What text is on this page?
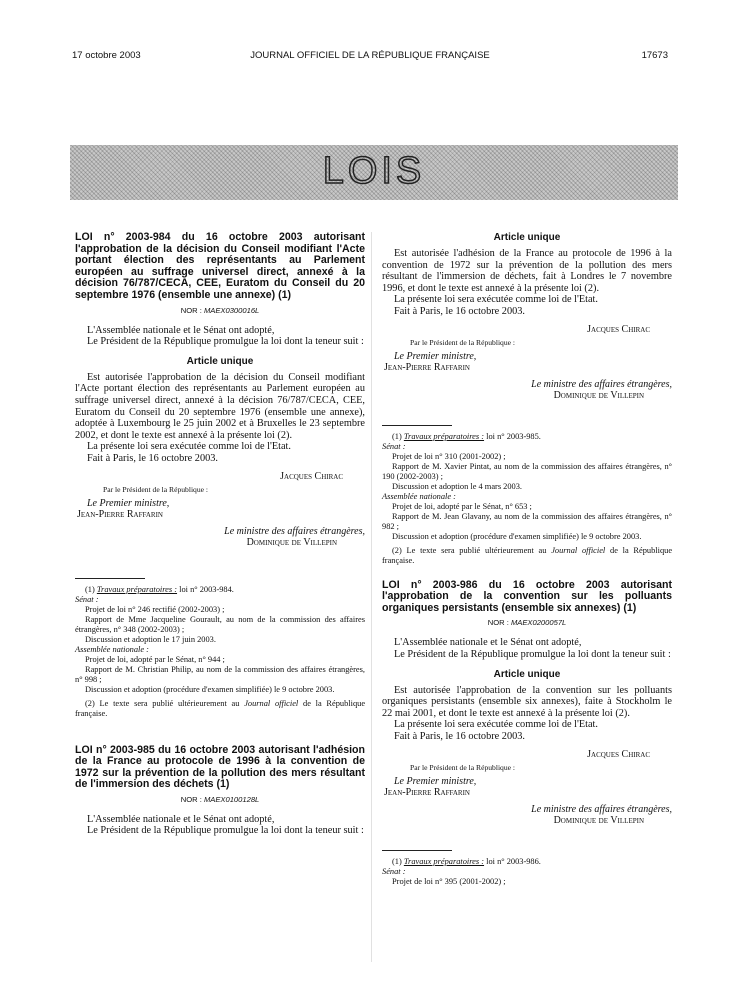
17 octobre 2003	JOURNAL OFFICIEL DE LA RÉPUBLIQUE FRANÇAISE	17673
LOIS

LOI n° 2003-984 du 16 octobre 2003 autorisant l'approbation de la décision du Conseil modifiant l'Acte portant élection des représentants au Parlement européen au suffrage universel direct, annexé à la décision 76/787/CECA, CEE, Euratom du Conseil du 20 septembre 1976 (ensemble une annexe) (1)

NOR : MAEX0300016L

L'Assemblée nationale et le Sénat ont adopté,

Le Président de la République promulgue la loi dont la teneur suit :

Article unique

Est autorisée l'approbation de la décision du Conseil modifiant l'Acte portant élection des représentants au Parlement européen au suffrage universel direct, annexé à la décision 76/787/CECA, CEE, Euratom du Conseil du 20 septembre 1976 (ensemble une annexe), adoptée à Luxembourg le 25 juin 2002 et à Bruxelles le 23 septembre 2002, et dont le texte est annexé à la présente loi (2).

La présente loi sera exécutée comme loi de l'Etat.

Fait à Paris, le 16 octobre 2003.

Jacques Chirac
Par le Président de la République :
Le Premier ministre,
Jean-Pierre Raffarin
Le ministre des affaires étrangères,
Dominique de Villepin

(1) Travaux préparatoires : loi n° 2003-984.

Sénat :

Projet de loi n° 246 rectifié (2002-2003) ;

Rapport de Mme Jacqueline Gourault, au nom de la commission des affaires étrangères, n° 348 (2002-2003) ;

Discussion et adoption le 17 juin 2003.

Assemblée nationale :

Projet de loi, adopté par le Sénat, n° 944 ;

Rapport de M. Christian Philip, au nom de la commission des affaires étrangères, n° 998 ;

Discussion et adoption (procédure d'examen simplifiée) le 9 octobre 2003.

(2) Le texte sera publié ultérieurement au Journal officiel de la République française.

LOI n° 2003-985 du 16 octobre 2003 autorisant l'adhésion de la France au protocole de 1996 à la convention de 1972 sur la prévention de la pollution des mers résultant de l'immersion des déchets (1)

NOR : MAEX0100128L

L'Assemblée nationale et le Sénat ont adopté,

Le Président de la République promulgue la loi dont la teneur suit :

Article unique

Est autorisée l'adhésion de la France au protocole de 1996 à la convention de 1972 sur la prévention de la pollution des mers résultant de l'immersion de déchets, fait à Londres le 7 novembre 1996, et dont le texte est annexé à la présente loi (2).

La présente loi sera exécutée comme loi de l'Etat.

Fait à Paris, le 16 octobre 2003.

Jacques Chirac
Par le Président de la République :
Le Premier ministre,
Jean-Pierre Raffarin
Le ministre des affaires étrangères,
Dominique de Villepin

(1) Travaux préparatoires : loi n° 2003-985.

Sénat :

Projet de loi n° 310 (2001-2002) ;

Rapport de M. Xavier Pintat, au nom de la commission des affaires étrangères, n° 190 (2002-2003) ;

Discussion et adoption le 4 mars 2003.

Assemblée nationale :

Projet de loi, adopté par le Sénat, n° 653 ;

Rapport de M. Jean Glavany, au nom de la commission des affaires étrangères, n° 982 ;

Discussion et adoption (procédure d'examen simplifiée) le 9 octobre 2003.

(2) Le texte sera publié ultérieurement au Journal officiel de la République française.

LOI n° 2003-986 du 16 octobre 2003 autorisant l'approbation de la convention sur les polluants organiques persistants (ensemble six annexes) (1)

NOR : MAEX0200057L

L'Assemblée nationale et le Sénat ont adopté,

Le Président de la République promulgue la loi dont la teneur suit :

Article unique

Est autorisée l'approbation de la convention sur les polluants organiques persistants (ensemble six annexes), faite à Stockholm le 22 mai 2001, et dont le texte est annexé à la présente loi (2).

La présente loi sera exécutée comme loi de l'Etat.

Fait à Paris, le 16 octobre 2003.

Jacques Chirac
Par le Président de la République :
Le Premier ministre,
Jean-Pierre Raffarin
Le ministre des affaires étrangères,
Dominique de Villepin

(1) Travaux préparatoires : loi n° 2003-986.

Sénat :

Projet de loi n° 395 (2001-2002) ;
